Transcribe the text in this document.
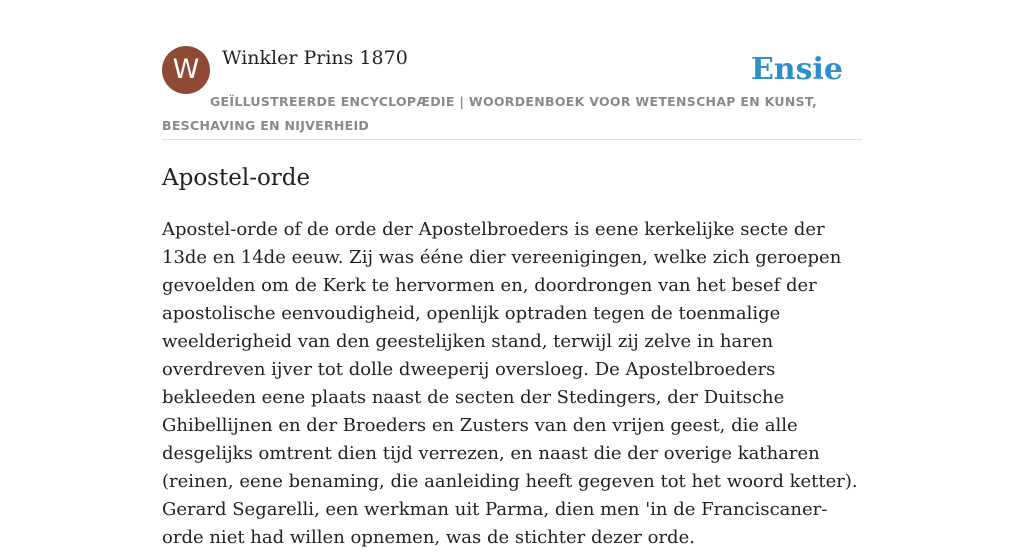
W	Winkler Prins 1870	Ensie
GEÏLLUSTREERDE ENCYCLOPÆDIE | WOORDENBOEK VOOR WETENSCHAP EN KUNST, BESCHAVING EN NIJVERHEID
Apostel-orde

Apostel-orde of de orde der Apostelbroeders is eene kerkelijke secte der 13de en 14de eeuw. Zij was ééne dier vereenigingen, welke zich geroepen gevoelden om de Kerk te hervormen en, doordrongen van het besef der apostolische eenvoudigheid, openlijk optraden tegen de toenmalige weelderigheid van den geestelijken stand, terwijl zij zelve in haren overdreven ijver tot dolle dweeperij oversloeg. De Apostelbroeders bekleeden eene plaats naast de secten der Stedingers, der Duitsche Ghibellijnen en der Broeders en Zusters van den vrijen geest, die alle desgelijks omtrent dien tijd verrezen, en naast die der overige katharen (reinen, eene benaming, die aanleiding heeft gegeven tot het woord ketter). Gerard Segarelli, een werkman uit Parma, dien men 'in de Franciscaner-orde niet had willen opnemen, was de stichter dezer orde.
